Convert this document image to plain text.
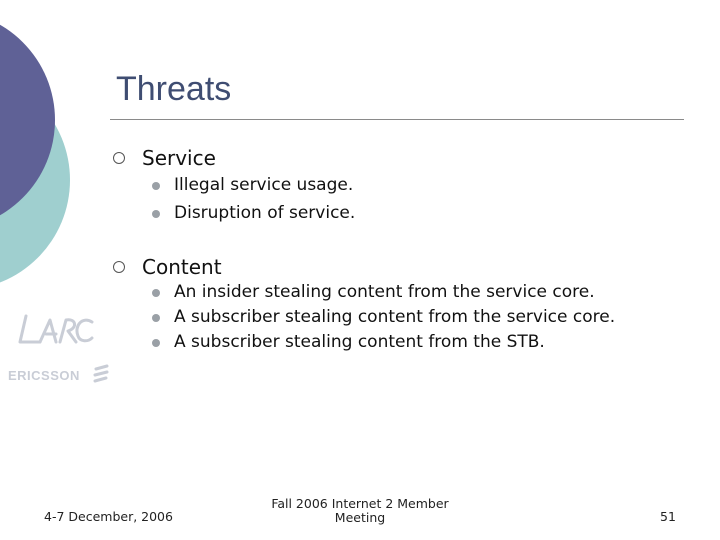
Threats
Service
Illegal service usage.
Disruption of service.
Content
An insider stealing content from the service core.
A subscriber stealing content from the service core.
A subscriber stealing content from the STB.
ERICSSON
4-7 December, 2006
Fall 2006 Internet 2 Member
Meeting	51
